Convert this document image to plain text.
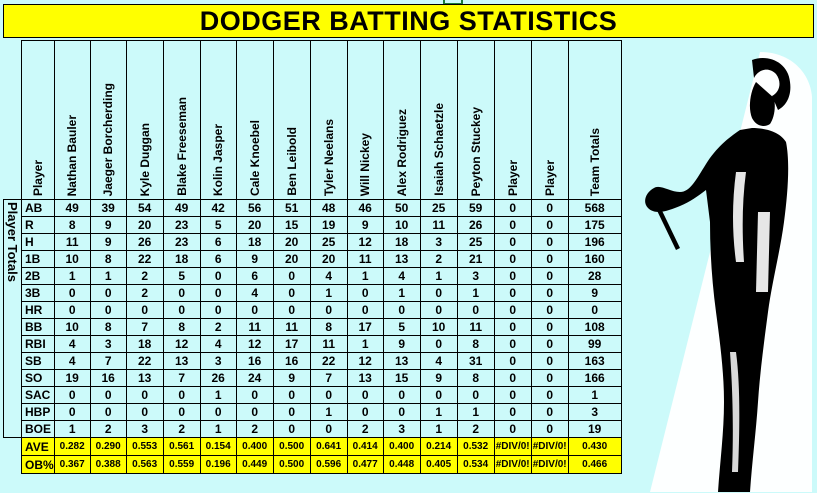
DODGER BATTING STATISTICS
	Player	Nathan Bauler	Jaeger Borcherding	Kyle Duggan	Blake Freeseman	Kolin Jasper	Cale Knoebel	Ben Leibold	Tyler Neelans	Will Nickey	Alex Rodriguez	Isaiah Schaetzle	Peyton Stuckey	Player	Player	Team Totals
Player Totals	AB	49	39	54	49	42	56	51	48	46	50	25	59	0	0	568
	R	8	9	20	23	5	20	15	19	9	10	11	26	0	0	175
	H	11	9	26	23	6	18	20	25	12	18	3	25	0	0	196
	1B	10	8	22	18	6	9	20	20	11	13	2	21	0	0	160
	2B	1	1	2	5	0	6	0	4	1	4	1	3	0	0	28
	3B	0	0	2	0	0	4	0	1	0	1	0	1	0	0	9
	HR	0	0	0	0	0	0	0	0	0	0	0	0	0	0	0
	BB	10	8	7	8	2	11	11	8	17	5	10	11	0	0	108
	RBI	4	3	18	12	4	12	17	11	1	9	0	8	0	0	99
	SB	4	7	22	13	3	16	16	22	12	13	4	31	0	0	163
	SO	19	16	13	7	26	24	9	7	13	15	9	8	0	0	166
	SAC	0	0	0	0	1	0	0	0	0	0	0	0	0	0	1
	HBP	0	0	0	0	0	0	0	1	0	0	1	1	0	0	3
	BOE	1	2	3	2	1	2	0	0	2	3	1	2	0	0	19
	AVE	0.282	0.290	0.553	0.561	0.154	0.400	0.500	0.641	0.414	0.400	0.214	0.532	#DIV/0!	#DIV/0!	0.430
	OB%	0.367	0.388	0.563	0.559	0.196	0.449	0.500	0.596	0.477	0.448	0.405	0.534	#DIV/0!	#DIV/0!	0.466
